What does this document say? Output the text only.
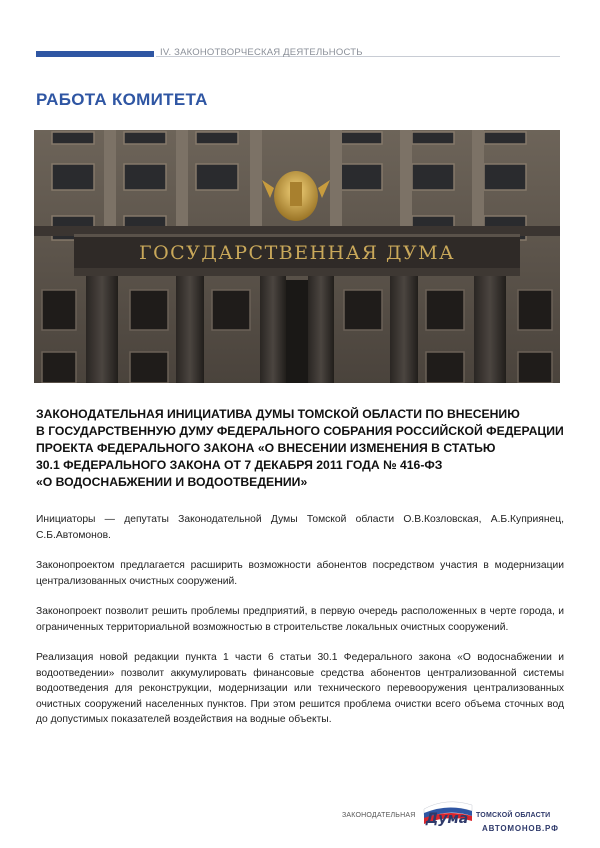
IV. ЗАКОНОТВОРЧЕСКАЯ ДЕЯТЕЛЬНОСТЬ
РАБОТА КОМИТЕТА
ГОСУДАРСТВЕННАЯ ДУМА
ЗАКОНОДАТЕЛЬНАЯ ИНИЦИАТИВА ДУМЫ ТОМСКОЙ ОБЛАСТИ ПО ВНЕСЕНИЮ
В ГОСУДАРСТВЕННУЮ ДУМУ ФЕДЕРАЛЬНОГО СОБРАНИЯ РОССИЙСКОЙ ФЕДЕРАЦИИ
ПРОЕКТА ФЕДЕРАЛЬНОГО ЗАКОНА «О ВНЕСЕНИИ ИЗМЕНЕНИЯ В СТАТЬЮ
30.1 ФЕДЕРАЛЬНОГО ЗАКОНА ОТ 7 ДЕКАБРЯ 2011 ГОДА № 416-ФЗ
«О ВОДОСНАБЖЕНИИ И ВОДООТВЕДЕНИИ»

Инициаторы — депутаты Законодательной Думы Томской области О.В.Козловская, А.Б.Куприянец, С.Б.Автомонов.

Законопроектом предлагается расширить возможности абонентов посредством участия в модернизации централизованных очистных сооружений.

Законопроект позволит решить проблемы предприятий, в первую очередь расположенных в черте города, и ограниченных территориальной возможностью в строительстве локальных очистных сооружений.

Реализация новой редакции пункта 1 части 6 статьи 30.1 Федерального закона «О водоснабжении и водоотведении» позволит аккумулировать финансовые средства абонентов централизованной системы водоотведения для реконструкции, модернизации или технического перевооружения централизованных очистных сооружений населенных пунктов. При этом решится проблема очистки всего объема сточных вод до допустимых показателей воздействия на водные объекты.

ЗАКОНОДАТЕЛЬНАЯ Дума ТОМСКОЙ ОБЛАСТИ
АВТОМОНОВ.РФ
